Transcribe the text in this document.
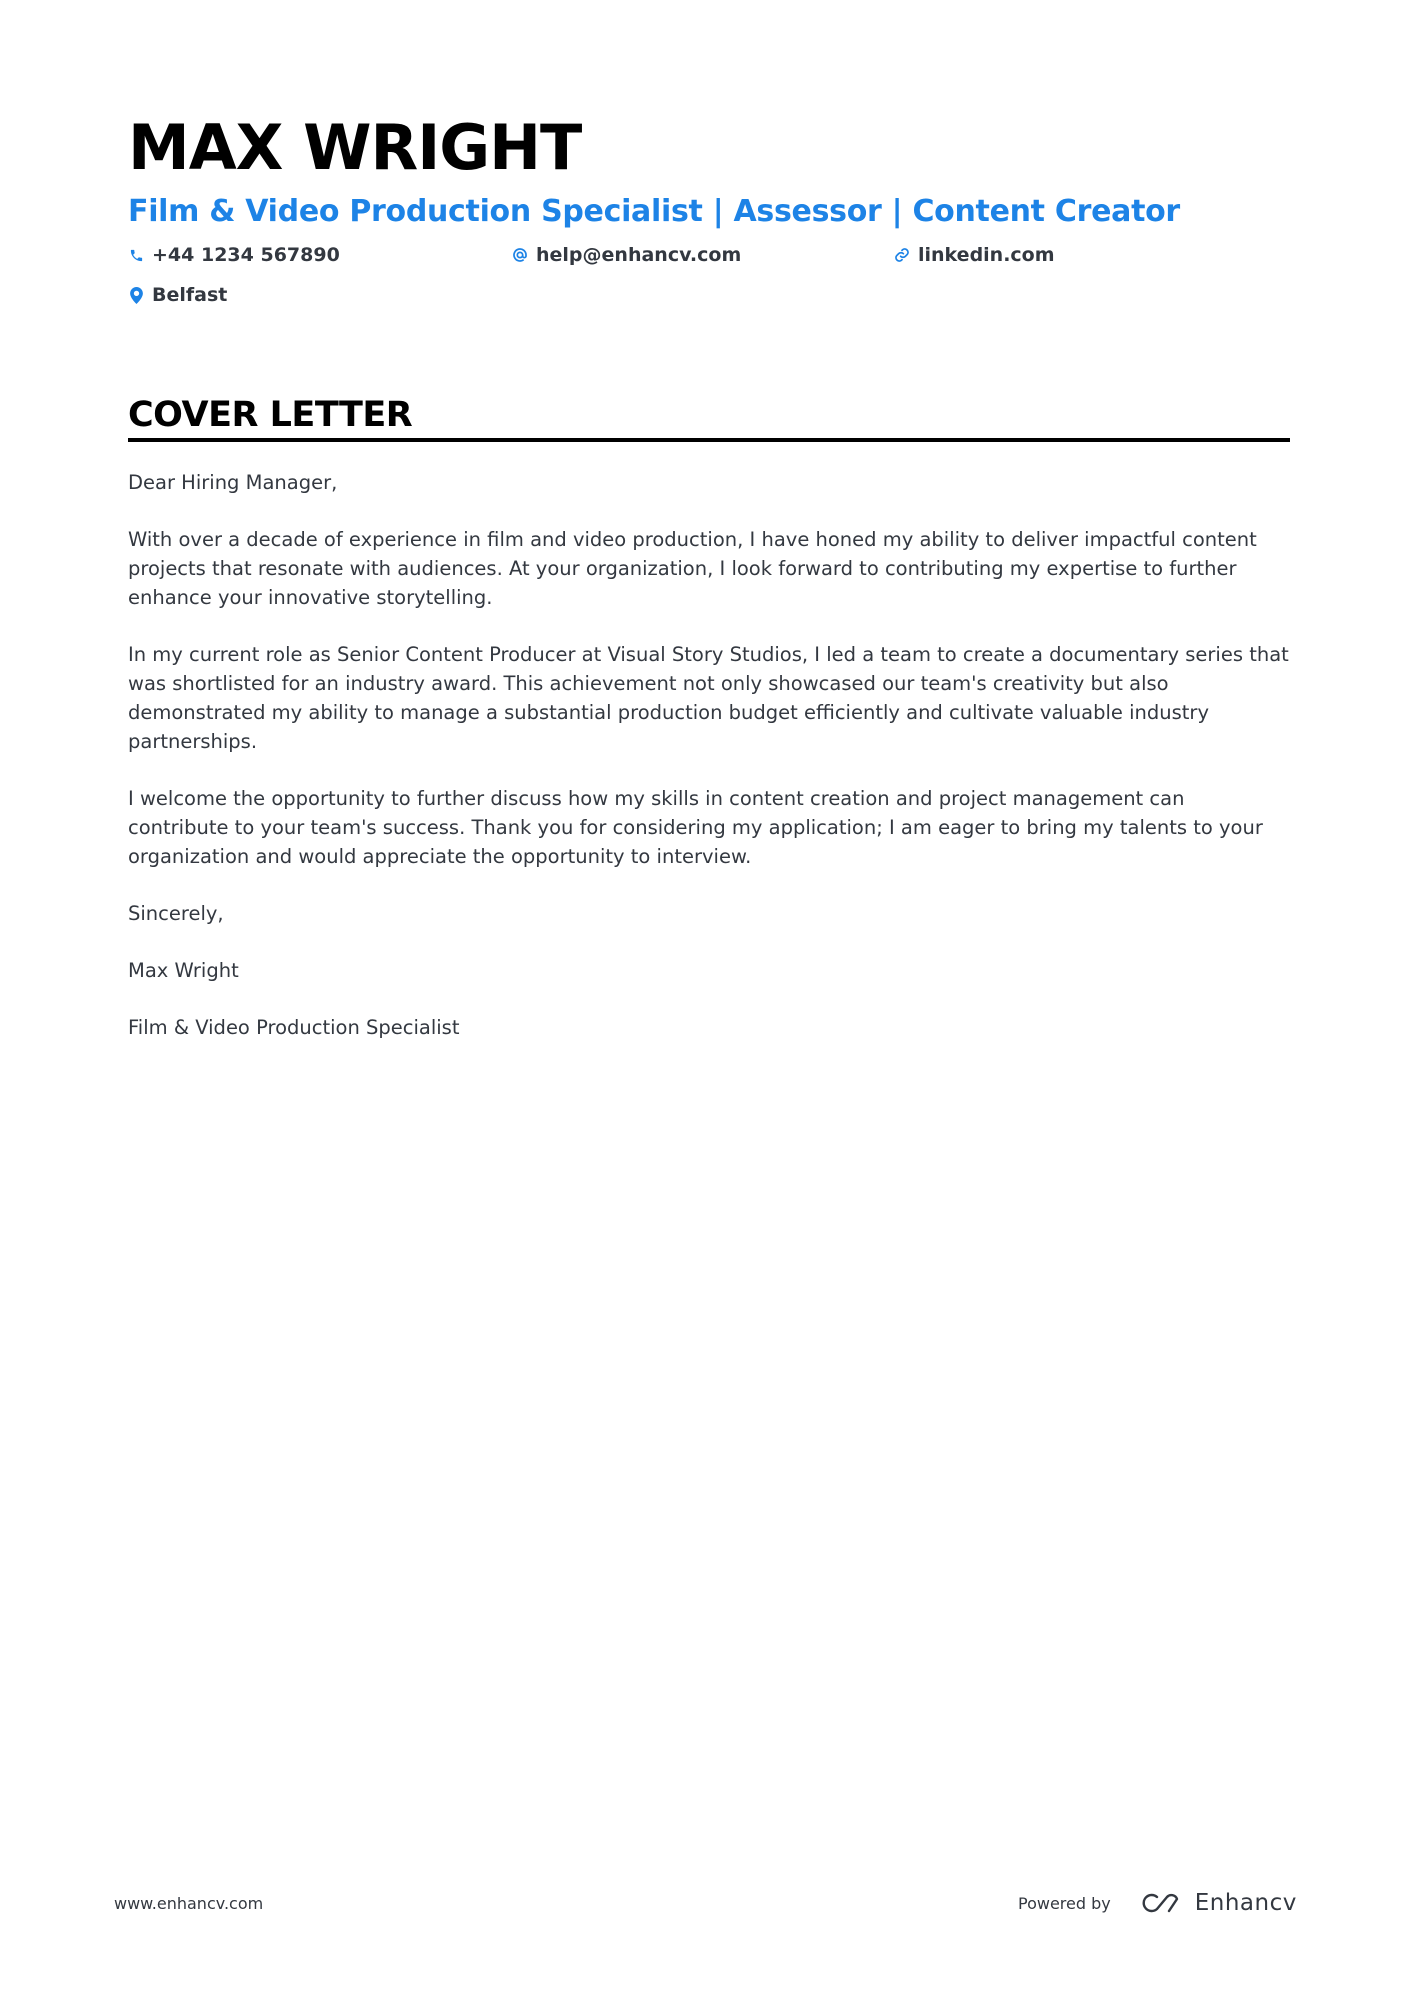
MAX WRIGHT
Film & Video Production Specialist | Assessor | Content Creator
+44 1234 567890	help@enhancv.com	linkedin.com
Belfast
COVER LETTER

Dear Hiring Manager,

With over a decade of experience in film and video production, I have honed my ability to deliver impactful content projects that resonate with audiences. At your organization, I look forward to contributing my expertise to further enhance your innovative storytelling.

In my current role as Senior Content Producer at Visual Story Studios, I led a team to create a documentary series that was shortlisted for an industry award. This achievement not only showcased our team's creativity but also demonstrated my ability to manage a substantial production budget efficiently and cultivate valuable industry partnerships.

I welcome the opportunity to further discuss how my skills in content creation and project management can contribute to your team's success. Thank you for considering my application; I am eager to bring my talents to your organization and would appreciate the opportunity to interview.

Sincerely,

Max Wright

Film & Video Production Specialist

www.enhancv.com	Powered by	Enhancv
